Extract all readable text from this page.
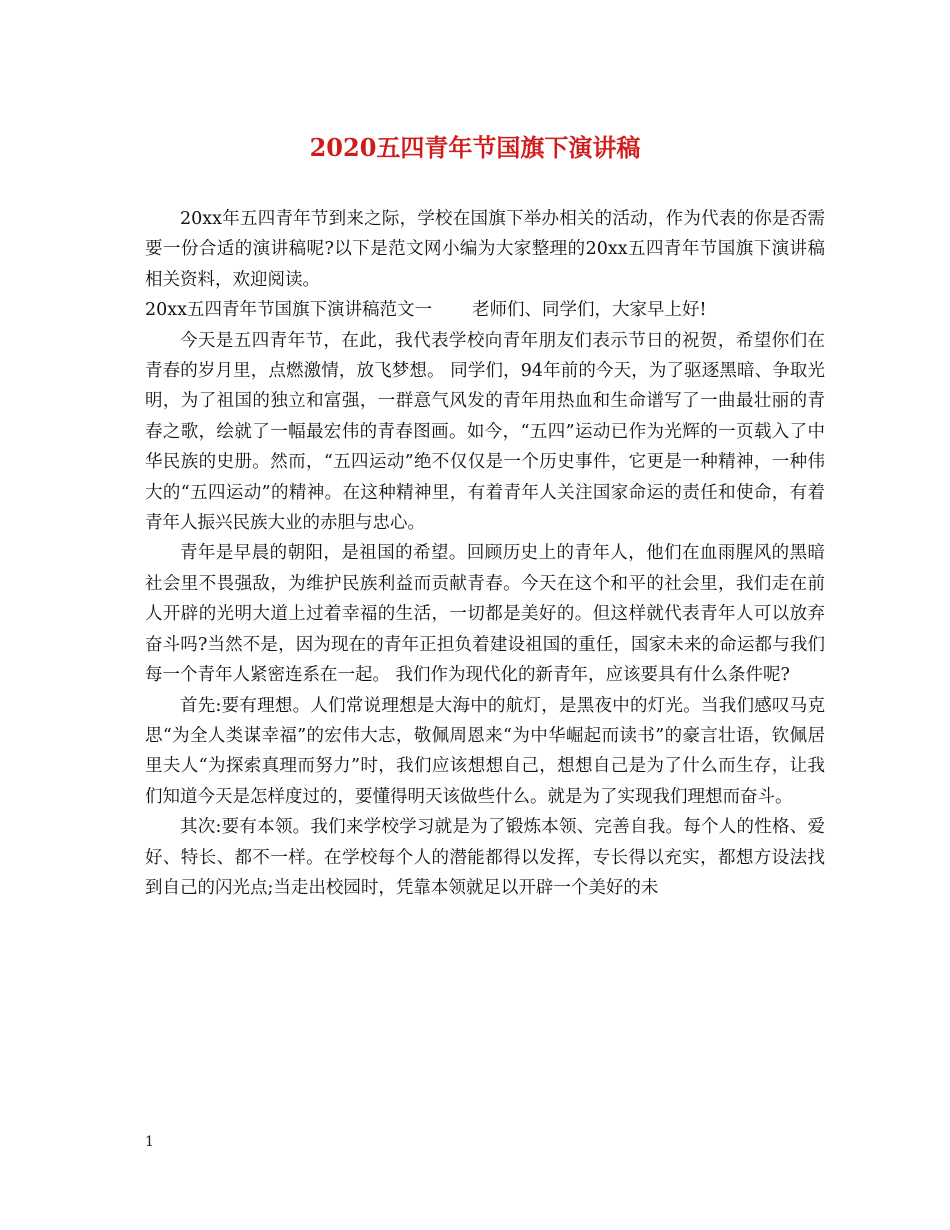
2020五四青年节国旗下演讲稿

20xx年五四青年节到来之际，学校在国旗下举办相关的活动，作为代表的你是否需要一份合适的演讲稿呢?以下是范文网小编为大家整理的20xx五四青年节国旗下演讲稿相关资料，欢迎阅读。

20xx五四青年节国旗下演讲稿范文一 老师们、同学们，大家早上好!

今天是五四青年节，在此，我代表学校向青年朋友们表示节日的祝贺，希望你们在青春的岁月里，点燃激情，放飞梦想。 同学们，94年前的今天，为了驱逐黑暗、争取光明，为了祖国的独立和富强，一群意气风发的青年用热血和生命谱写了一曲最壮丽的青春之歌，绘就了一幅最宏伟的青春图画。如今，“五四”运动已作为光辉的一页载入了中华民族的史册。然而，“五四运动”绝不仅仅是一个历史事件，它更是一种精神，一种伟大的“五四运动”的精神。在这种精神里，有着青年人关注国家命运的责任和使命，有着青年人振兴民族大业的赤胆与忠心。

青年是早晨的朝阳，是祖国的希望。回顾历史上的青年人，他们在血雨腥风的黑暗社会里不畏强敌，为维护民族利益而贡献青春。今天在这个和平的社会里，我们走在前人开辟的光明大道上过着幸福的生活，一切都是美好的。但这样就代表青年人可以放弃奋斗吗?当然不是，因为现在的青年正担负着建设祖国的重任，国家未来的命运都与我们每一个青年人紧密连系在一起。 我们作为现代化的新青年，应该要具有什么条件呢?

首先:要有理想。人们常说理想是大海中的航灯，是黑夜中的灯光。当我们感叹马克思“为全人类谋幸福”的宏伟大志，敬佩周恩来“为中华崛起而读书”的豪言壮语，钦佩居里夫人“为探索真理而努力”时，我们应该想想自己，想想自己是为了什么而生存，让我们知道今天是怎样度过的，要懂得明天该做些什么。就是为了实现我们理想而奋斗。

其次:要有本领。我们来学校学习就是为了锻炼本领、完善自我。每个人的性格、爱好、特长、都不一样。在学校每个人的潜能都得以发挥，专长得以充实，都想方设法找到自己的闪光点;当走出校园时，凭靠本领就足以开辟一个美好的未

1
